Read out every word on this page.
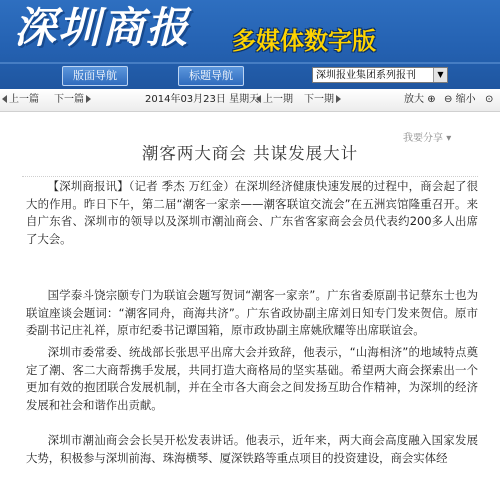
深圳商报 多媒体数字版
版面导航	标题导航	深圳报业集团系列报刊	▼
上一篇 下一篇	2014年03月23日 星期天 上一期 下一期	放大 ⊕ ⊖ 缩小 ⊙
我要分享 ▾
潮客两大商会 共谋发展大计

【深圳商报讯】（记者 季杰 万红金）在深圳经济健康快速发展的过程中，商会起了很大的作用。昨日下午，第二届“潮客一家亲——潮客联谊交流会”在五洲宾馆隆重召开。来自广东省、深圳市的领导以及深圳市潮汕商会、广东省客家商会会员代表约200多人出席了大会。

国学泰斗饶宗颐专门为联谊会题写贺词“潮客一家亲”。广东省委原副书记蔡东士也为联谊座谈会题词：“潮客同舟，商海共济”。广东省政协副主席刘日知专门发来贺信。原市委副书记庄礼祥，原市纪委书记谭国箱，原市政协副主席姚欣耀等出席联谊会。

深圳市委常委、统战部长张思平出席大会并致辞，他表示，“山海相济”的地域特点奠定了潮、客二大商帮携手发展，共同打造大商格局的坚实基础。希望两大商会探索出一个更加有效的抱团联合发展机制，并在全市各大商会之间发扬互助合作精神，为深圳的经济发展和社会和谐作出贡献。

深圳市潮汕商会会长吴开松发表讲话。他表示，近年来，两大商会高度融入国家发展大势，积极参与深圳前海、珠海横琴、厦深铁路等重点项目的投资建设，商会实体经
